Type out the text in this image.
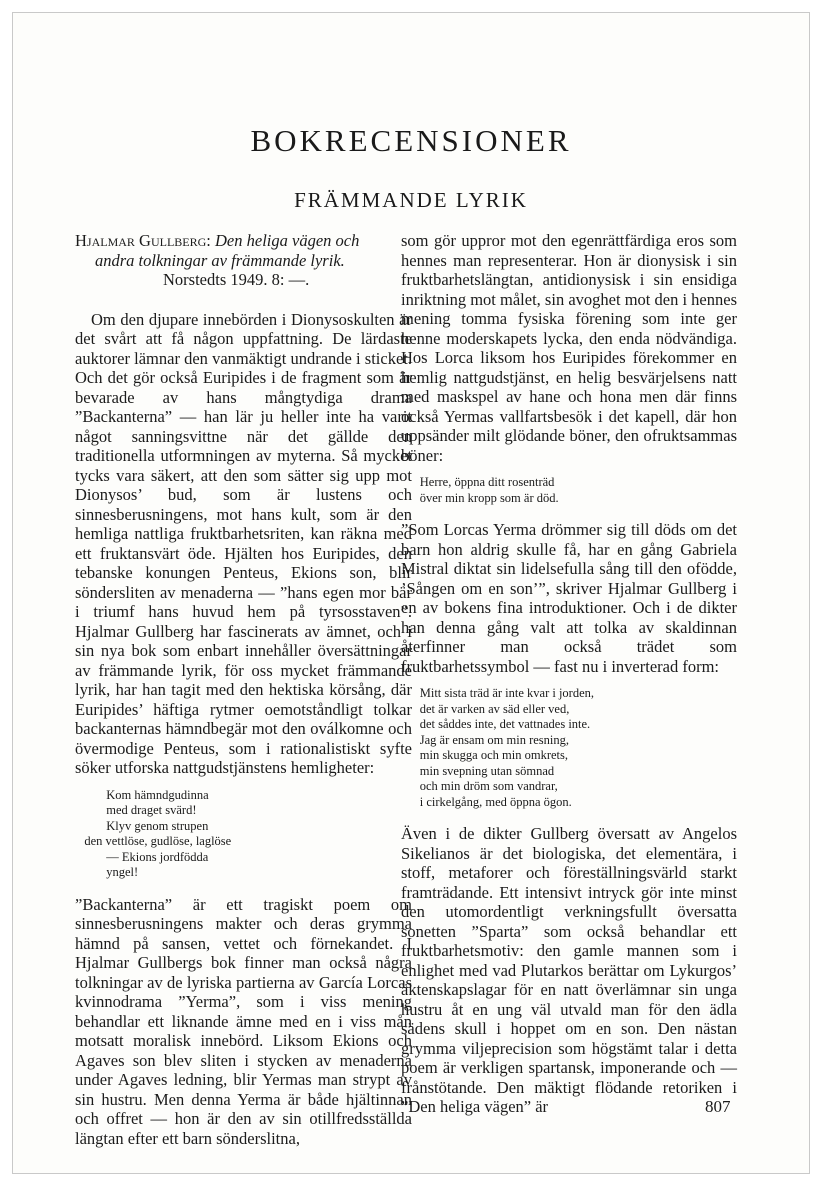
BOKRECENSIONER
FRÄMMANDE LYRIK
Hjalmar Gullberg: Den heliga vägen och
andra tolkningar av främmande lyrik.
Norstedts 1949. 8: —.

Om den djupare innebörden i Dionysoskulten är det svårt att få någon uppfattning. De lärdaste auktorer lämnar den vanmäktigt undrande i sticket. Och det gör också Euripides i de fragment som är bevarade av hans mångtydiga drama ”Backanterna” — han lär ju heller inte ha varit något sanningsvittne när det gällde den traditionella utformningen av myterna. Så mycket tycks vara säkert, att den som sätter sig upp mot Dionysos’ bud, som är lustens och sinnesberusningens, mot hans kult, som är den hemliga nattliga fruktbarhetsriten, kan räkna med ett fruktansvärt öde. Hjälten hos Euripides, den tebanske konungen Penteus, Ekions son, blir söndersliten av menaderna — ”hans egen mor bär i triumf hans huvud hem på tyrsosstaven”. Hjalmar Gullberg har fascinerats av ämnet, och i sin nya bok som enbart innehåller översättningar av främmande lyrik, för oss mycket främmande lyrik, har han tagit med den hektiska körsång, där Euripides’ häftiga rytmer oemotståndligt tolkar backanternas hämndbegär mot den oválkomne och övermodige Penteus, som i rationalistiskt syfte söker utforska nattgudstjänstens hemligheter:

Kom hämndgudinna
med draget svärd!
Klyv genom strupen
den vettlöse, gudlöse, laglöse
— Ekions jordfödda
yngel!

”Backanterna” är ett tragiskt poem om sinnesberusningens makter och deras grymma hämnd på sansen, vettet och förnekandet. I Hjalmar Gullbergs bok finner man också några tolkningar av de lyriska partierna av García Lorcas kvinnodrama ”Yerma”, som i viss mening behandlar ett liknande ämne med en i viss mån motsatt moralisk innebörd. Liksom Ekions och Agaves son blev sliten i stycken av menaderna under Agaves ledning, blir Yermas man strypt av sin hustru. Men denna Yerma är både hjältinnan och offret — hon är den av sin otillfredsställda längtan efter ett barn sönderslitna,

som gör uppror mot den egenrättfärdiga eros som hennes man representerar. Hon är dionysisk i sin fruktbarhetslängtan, antidionysisk i sin ensidiga inriktning mot målet, sin avoghet mot den i hennes mening tomma fysiska förening som inte ger henne moderskapets lycka, den enda nödvändiga. Hos Lorca liksom hos Euripides förekommer en hemlig nattgudstjänst, en helig besvärjelsens natt med maskspel av hane och hona men där finns också Yermas vallfartsbesök i det kapell, där hon uppsänder milt glödande böner, den ofruktsammas böner:

Herre, öppna ditt rosenträd
över min kropp som är död.

”Som Lorcas Yerma drömmer sig till döds om det barn hon aldrig skulle få, har en gång Gabriela Mistral diktat sin lidelsefulla sång till den ofödde, ’Sången om en son’”, skriver Hjalmar Gullberg i en av bokens fina introduktioner. Och i de dikter han denna gång valt att tolka av skaldinnan återfinner man också trädet som fruktbarhetssymbol — fast nu i inverterad form:

Mitt sista träd är inte kvar i jorden,
det är varken av säd eller ved,
det såddes inte, det vattnades inte.
Jag är ensam om min resning,
min skugga och min omkrets,
min svepning utan sömnad
och min dröm som vandrar,
i cirkelgång, med öppna ögon.

Även i de dikter Gullberg översatt av Angelos Sikelianos är det biologiska, det elementära, i stoff, metaforer och föreställningsvärld starkt framträdande. Ett intensivt intryck gör inte minst den utomordentligt verkningsfullt översatta sonetten ”Sparta” som också behandlar ett fruktbarhetsmotiv: den gamle mannen som i enlighet med vad Plutarkos berättar om Lykurgos’ äktenskapslagar för en natt överlämnar sin unga hustru åt en ung väl utvald man för den ädla sädens skull i hoppet om en son. Den nästan grymma viljeprecision som högstämt talar i detta poem är verkligen spartansk, imponerande och — frånstötande. Den mäktigt flödande retoriken i ”Den heliga vägen” är	807
